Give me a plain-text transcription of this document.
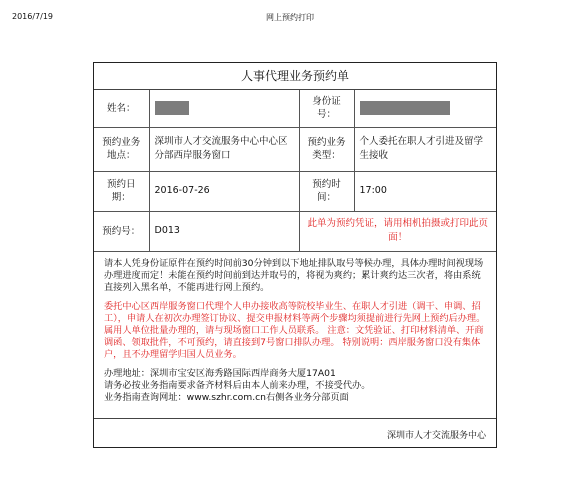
2016/7/19	网上预约打印
人事代理业务预约单
姓名：		身份证号：	
预约业务地点：	深圳市人才交流服务中心中心区分部西岸服务窗口	预约业务类型：	个人委托在职人才引进及留学生接收
预约日期：	2016-07-26	预约时间：	17:00
预约号：	D013	此单为预约凭证，请用相机拍摄或打印此页面！	

请本人凭身份证原件在预约时间前30分钟到以下地址排队取号等候办理，具体办理时间视现场办理进度而定！未能在预约时间前到达并取号的，将视为爽约；累计爽约达三次者，将由系统直接列入黑名单，不能再进行网上预约。

委托中心区西岸服务窗口代理个人申办接收高等院校毕业生、在职人才引进（调干、申调、招工），申请人在初次办理签订协议、提交申报材料等两个步骤均须提前进行先网上预约后办理。属用人单位批量办理的，请与现场窗口工作人员联系。 注意：文凭验证、打印材料清单、开商调函、领取批件，不可预约，请直接到7号窗口排队办理。 特别说明：西岸服务窗口没有集体户，且不办理留学归国人员业务。

办理地址：深圳市宝安区海秀路国际西岸商务大厦17A01
请务必按业务指南要求备齐材料后由本人前来办理，不接受代办。
业务指南查询网址：www.szhr.com.cn右侧各业务分部页面

深圳市人才交流服务中心
